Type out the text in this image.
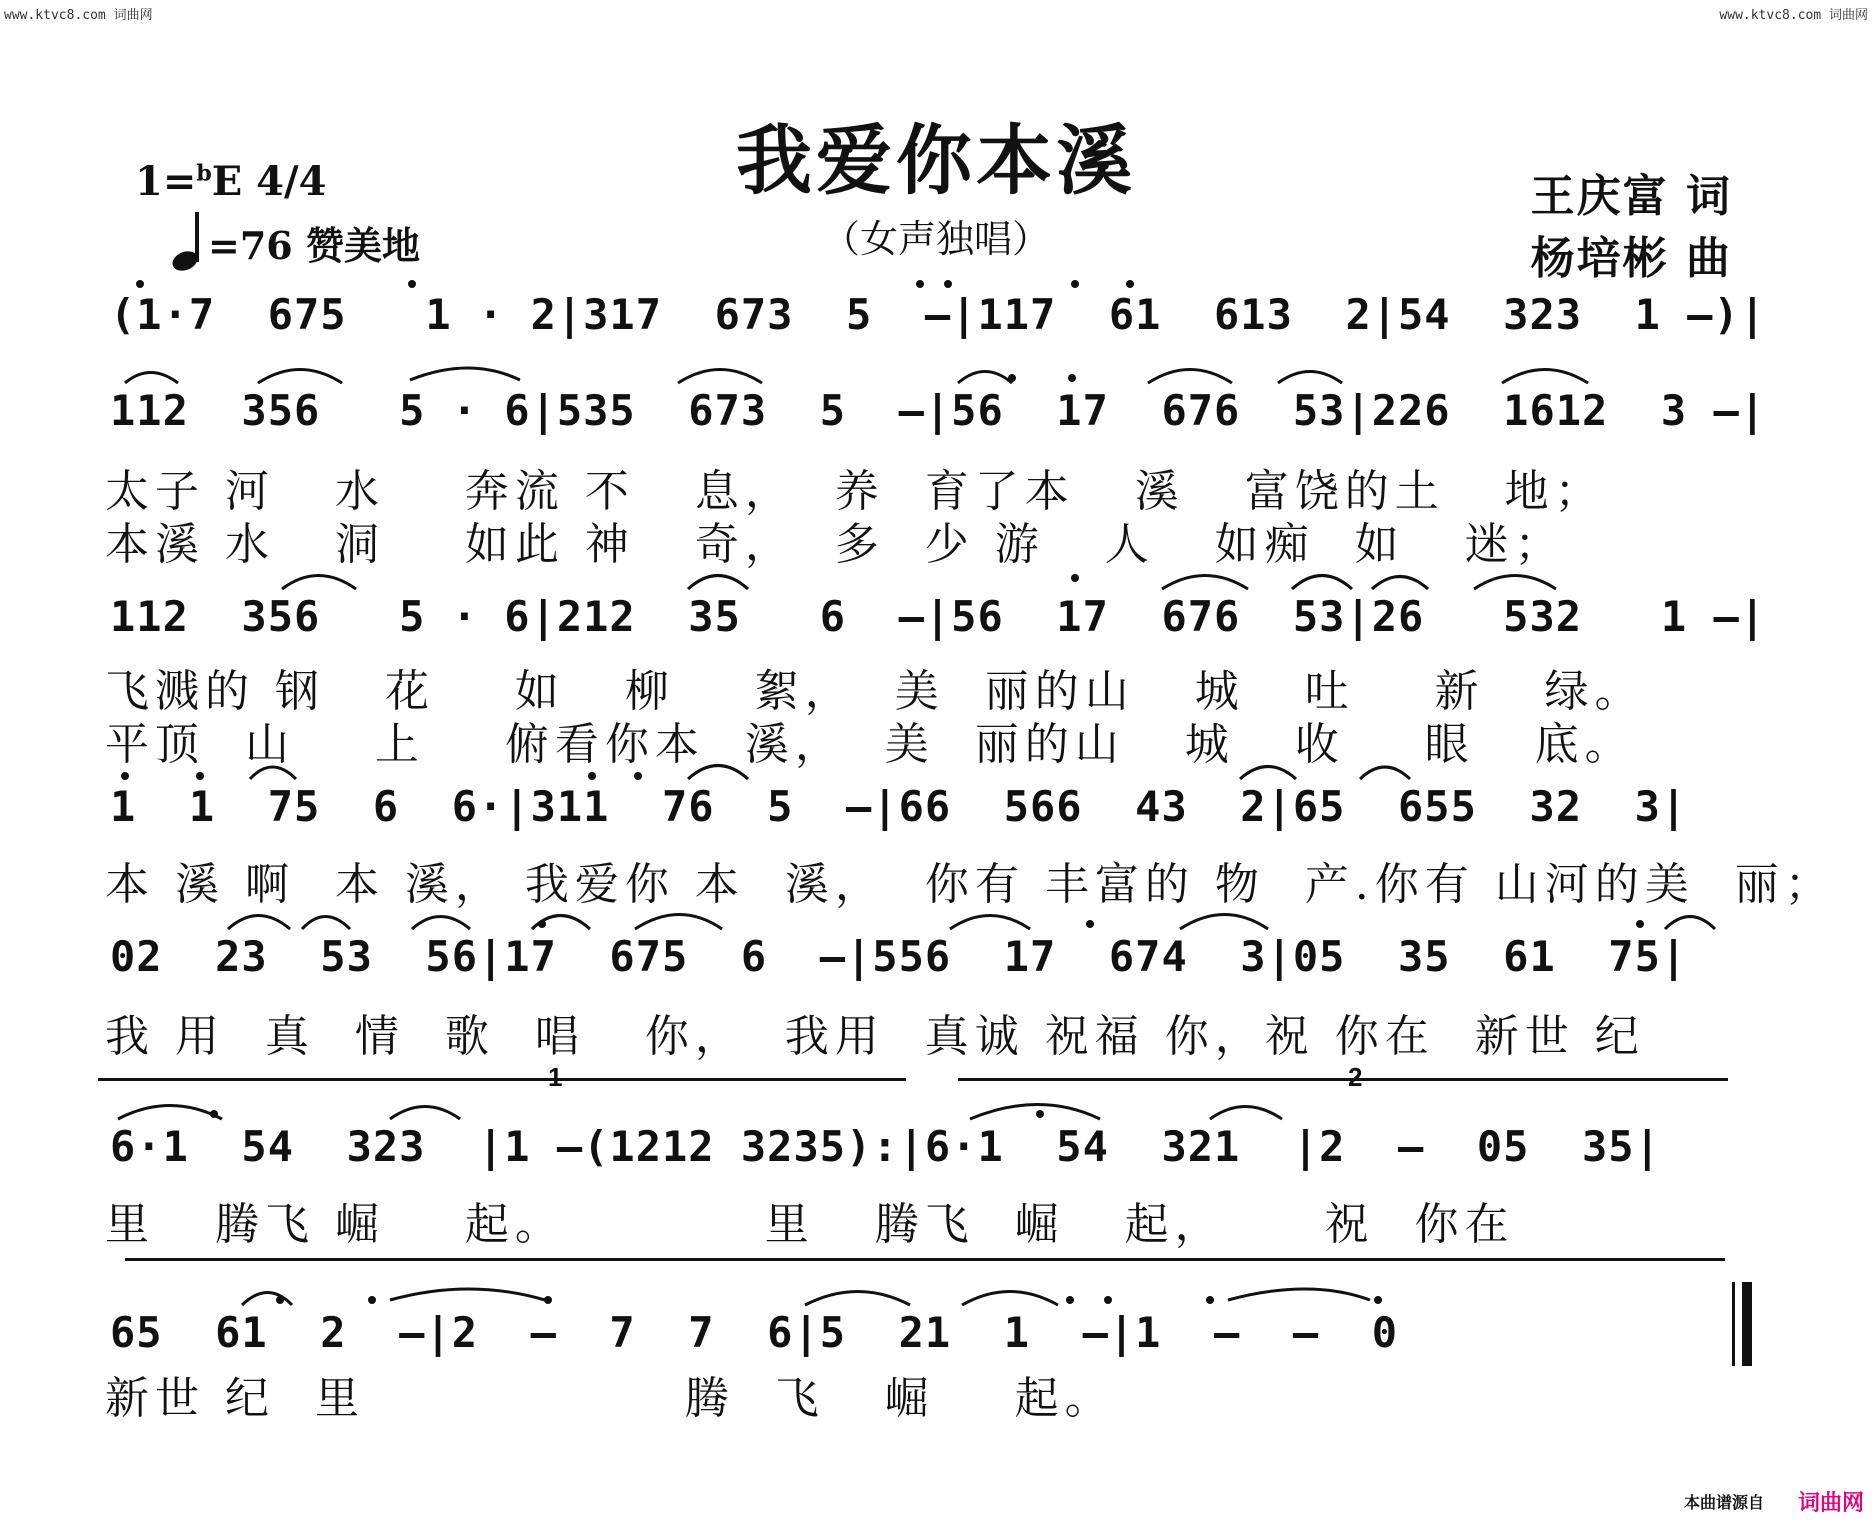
www.ktvc8.com 词曲网	www.ktvc8.com 词曲网
我爱你本溪
（女声独唱）
1=$^b$E 4/4
=76 赞美地
王庆富 词
杨培彬 曲
(1·7  675   1 · 2|317  673  5  —|117  61  613  2|54  323  1 —)|
112  356   5 · 6|535  673  5  —|56  17  676  53|226  1612  3 —|
太子 河   水    奔流 不   息，  养  育了本   溪   富饶的土   地；
本溪 水   洞    如此 神   奇，  多  少 游   人   如痴  如   迷；
112  356   5 · 6|212  35   6  —|56  17  676  53|26   532   1 —|
飞溅的 钢   花    如   柳    絮，  美  丽的山   城   吐    新   绿。
平顶  山    上    俯看你本  溪，  美  丽的山   城   收    眼   底。
1  1  75  6  6·|311  76  5  —|66  566  43  2|65  655  32  3|
本 溪 啊  本 溪， 我爱你 本  溪，  你有 丰富的 物  产.你有 山河的美  丽；
02  23  53  56|17  675  6  —|556  17  674  3|05  35  61  75|
我 用  真  情  歌  唱   你，  我用  真诚 祝福 你，祝 你在  新世 纪
1	2
6·1  54  323  |1 —(1212 3235):|6·1  54  321  |2  —  05  35|
里   腾飞 崛    起。          里   腾飞  崛   起，     祝  你在
65  61  2  —|2  —  7  7  6|5  21  1  —|1  —  —  0
新世 纪  里                腾  飞   崛    起。
本曲谱源自 词曲网
